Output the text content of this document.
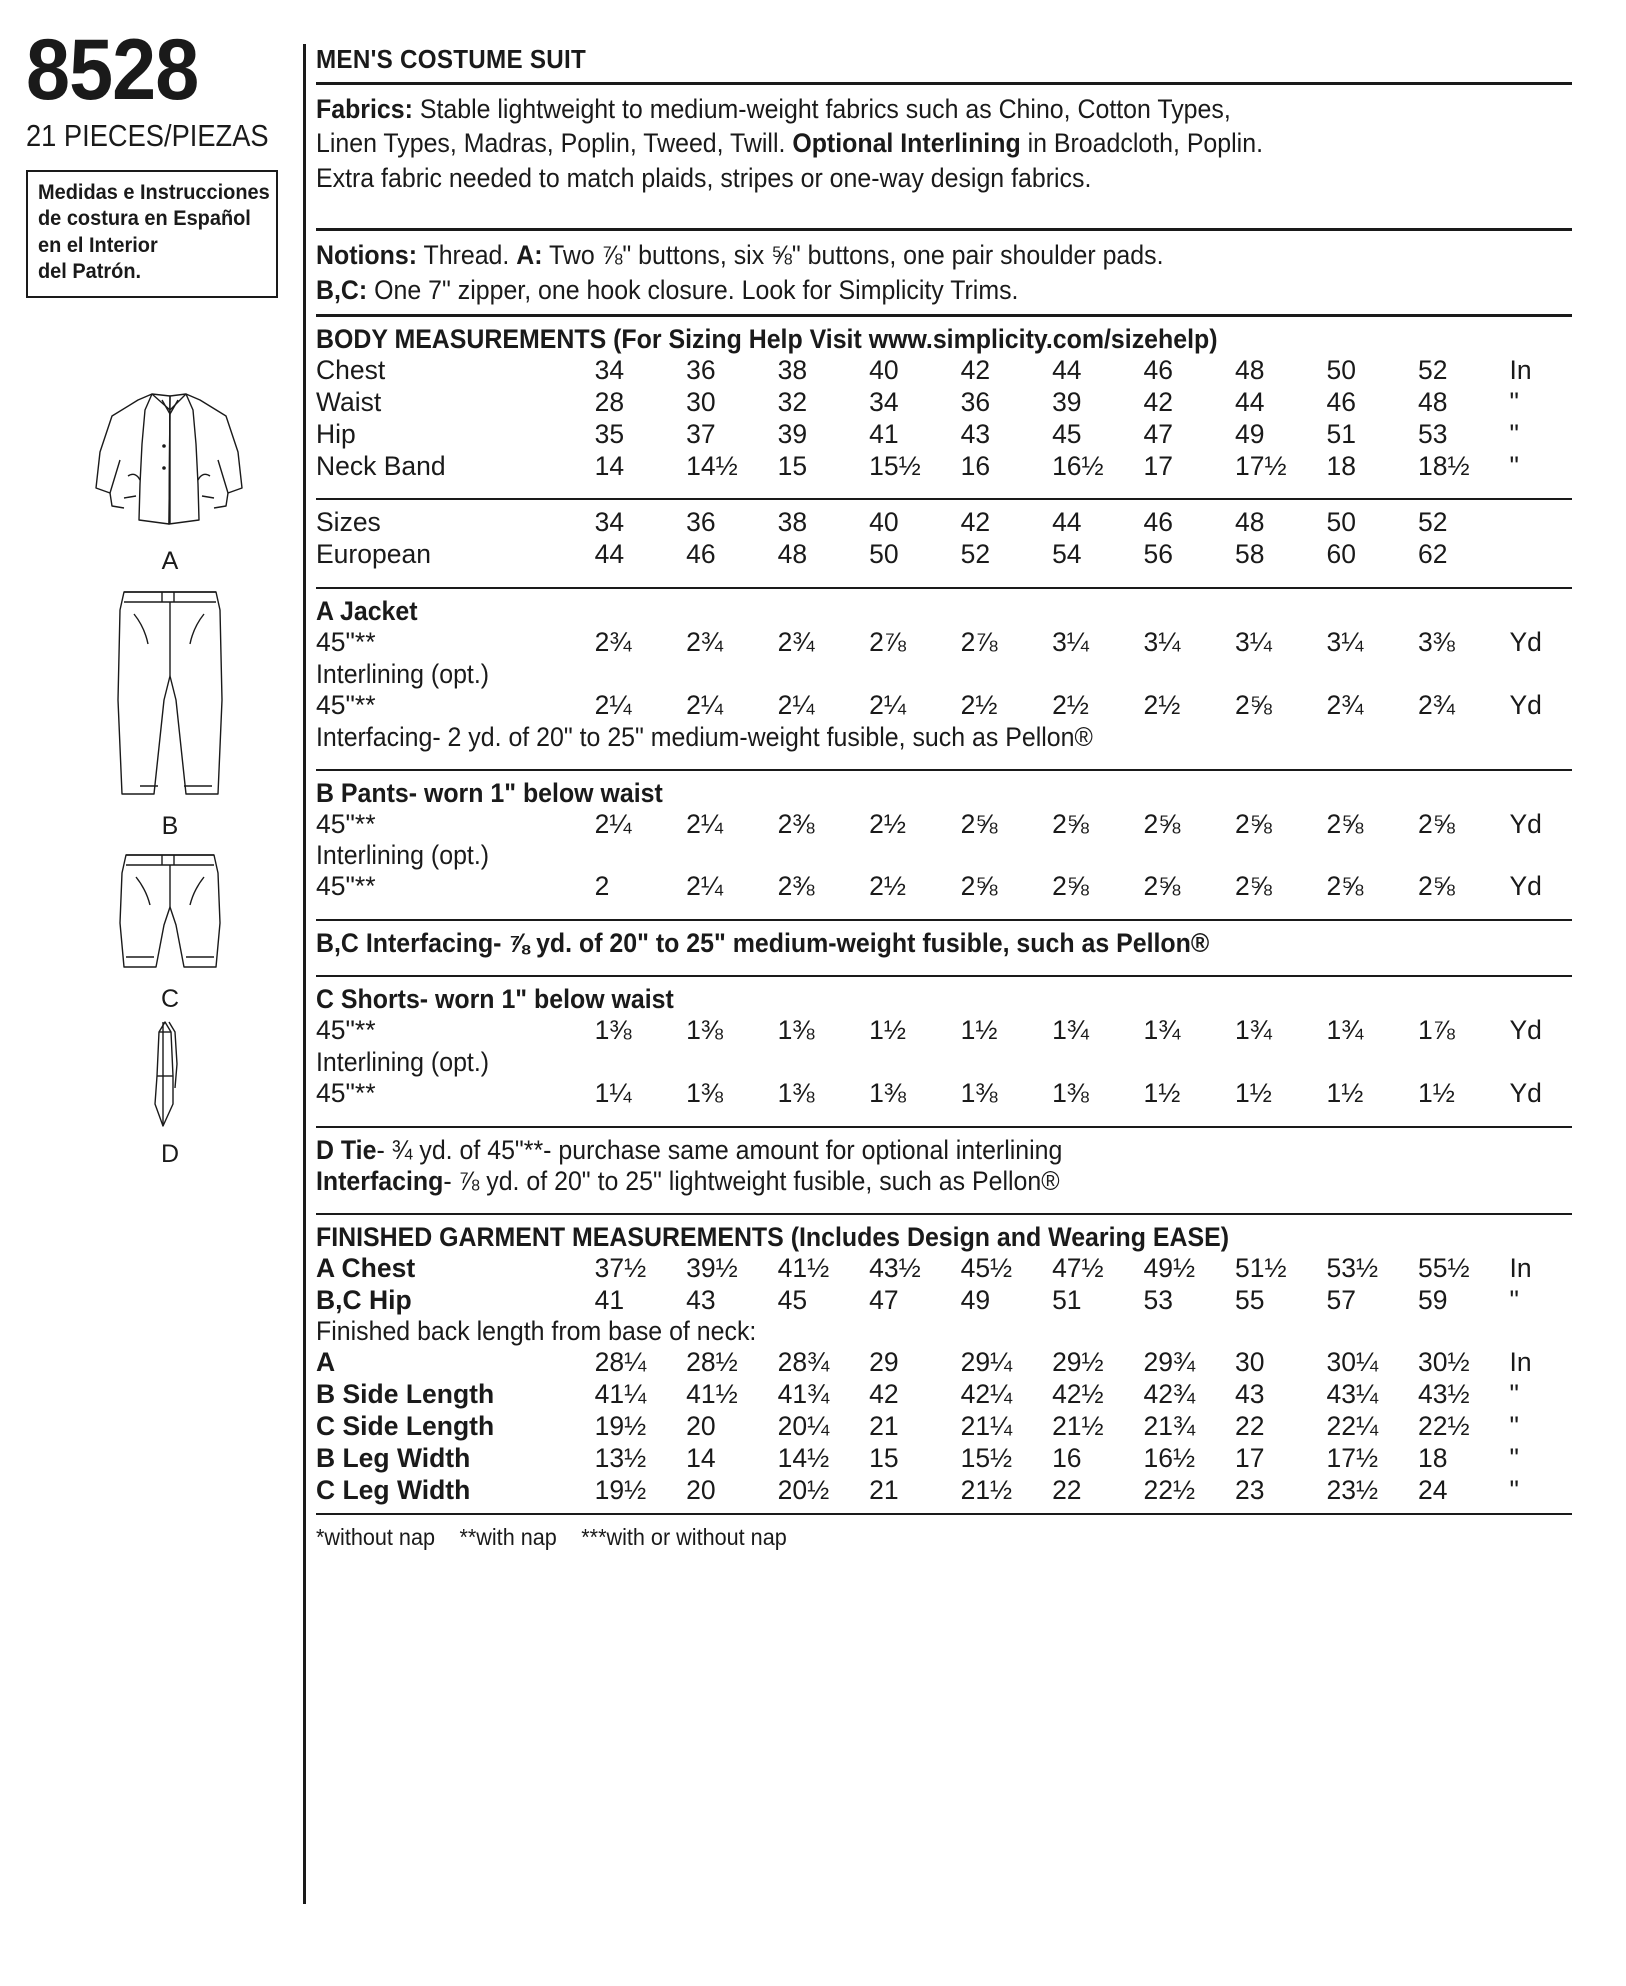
8528
21 PIECES/PIEZAS
Medidas e Instrucciones
de costura en Español
en el Interior
del Patrón.
A
B
C
D
MEN'S COSTUME SUIT
Fabrics: Stable lightweight to medium-weight fabrics such as Chino, Cotton Types,
Linen Types, Madras, Poplin, Tweed, Twill. Optional Interlining in Broadcloth, Poplin.
Extra fabric needed to match plaids, stripes or one-way design fabrics.
Notions: Thread. A: Two ⅞" buttons, six ⅝" buttons, one pair shoulder pads.
B,C: One 7" zipper, one hook closure. Look for Simplicity Trims.
BODY MEASUREMENTS (For Sizing Help Visit www.simplicity.com/sizehelp)
Chest	34	36	38	40	42	44	46	48	50	52	In
Waist	28	30	32	34	36	39	42	44	46	48	"
Hip	35	37	39	41	43	45	47	49	51	53	"
Neck Band	14	14½	15	15½	16	16½	17	17½	18	18½	"
Sizes	34	36	38	40	42	44	46	48	50	52	
European	44	46	48	50	52	54	56	58	60	62	
A Jacket
45"**	2¾	2¾	2¾	2⅞	2⅞	3¼	3¼	3¼	3¼	3⅜	Yd
Interlining (opt.)
45"**	2¼	2¼	2¼	2¼	2½	2½	2½	2⅝	2¾	2¾	Yd
Interfacing- 2 yd. of 20" to 25" medium-weight fusible, such as Pellon®
B Pants- worn 1" below waist
45"**	2¼	2¼	2⅜	2½	2⅝	2⅝	2⅝	2⅝	2⅝	2⅝	Yd
Interlining (opt.)
45"**	2	2¼	2⅜	2½	2⅝	2⅝	2⅝	2⅝	2⅝	2⅝	Yd
B,C Interfacing- ⅞ yd. of 20" to 25" medium-weight fusible, such as Pellon®
C Shorts- worn 1" below waist
45"**	1⅜	1⅜	1⅜	1½	1½	1¾	1¾	1¾	1¾	1⅞	Yd
Interlining (opt.)
45"**	1¼	1⅜	1⅜	1⅜	1⅜	1⅜	1½	1½	1½	1½	Yd
D Tie- ¾ yd. of 45"**- purchase same amount for optional interlining
Interfacing- ⅞ yd. of 20" to 25" lightweight fusible, such as Pellon®
FINISHED GARMENT MEASUREMENTS (Includes Design and Wearing EASE)
A Chest	37½	39½	41½	43½	45½	47½	49½	51½	53½	55½	In
B,C Hip	41	43	45	47	49	51	53	55	57	59	"
Finished back length from base of neck:
A	28¼	28½	28¾	29	29¼	29½	29¾	30	30¼	30½	In
B Side Length	41¼	41½	41¾	42	42¼	42½	42¾	43	43¼	43½	"
C Side Length	19½	20	20¼	21	21¼	21½	21¾	22	22¼	22½	"
B Leg Width	13½	14	14½	15	15½	16	16½	17	17½	18	"
C Leg Width	19½	20	20½	21	21½	22	22½	23	23½	24	"
*without nap **with nap ***with or without nap
